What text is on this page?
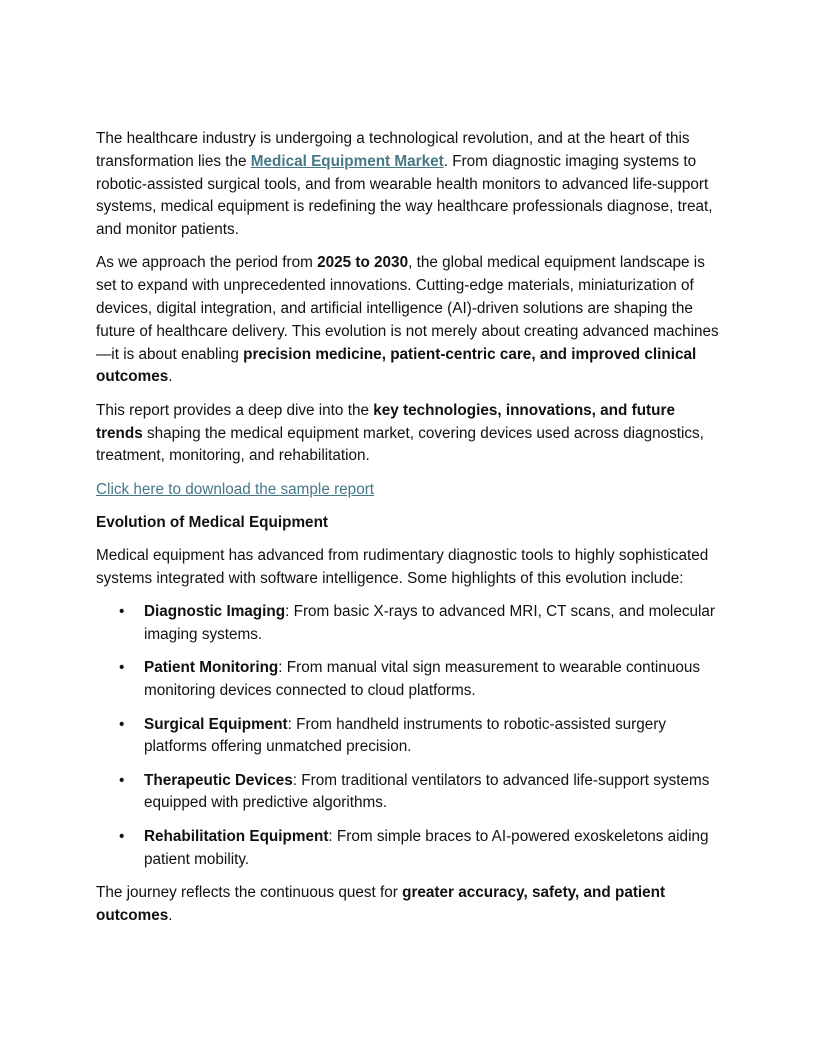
The healthcare industry is undergoing a technological revolution, and at the heart of this transformation lies the Medical Equipment Market. From diagnostic imaging systems to robotic-assisted surgical tools, and from wearable health monitors to advanced life-support systems, medical equipment is redefining the way healthcare professionals diagnose, treat, and monitor patients.

As we approach the period from 2025 to 2030, the global medical equipment landscape is set to expand with unprecedented innovations. Cutting-edge materials, miniaturization of devices, digital integration, and artificial intelligence (AI)-driven solutions are shaping the future of healthcare delivery. This evolution is not merely about creating advanced machines—it is about enabling precision medicine, patient-centric care, and improved clinical outcomes.

This report provides a deep dive into the key technologies, innovations, and future trends shaping the medical equipment market, covering devices used across diagnostics, treatment, monitoring, and rehabilitation.

Click here to download the sample report

Evolution of Medical Equipment

Medical equipment has advanced from rudimentary diagnostic tools to highly sophisticated systems integrated with software intelligence. Some highlights of this evolution include:

• Diagnostic Imaging: From basic X-rays to advanced MRI, CT scans, and molecular imaging systems.
• Patient Monitoring: From manual vital sign measurement to wearable continuous monitoring devices connected to cloud platforms.
• Surgical Equipment: From handheld instruments to robotic-assisted surgery platforms offering unmatched precision.
• Therapeutic Devices: From traditional ventilators to advanced life-support systems equipped with predictive algorithms.
• Rehabilitation Equipment: From simple braces to AI-powered exoskeletons aiding patient mobility.

The journey reflects the continuous quest for greater accuracy, safety, and patient outcomes.
